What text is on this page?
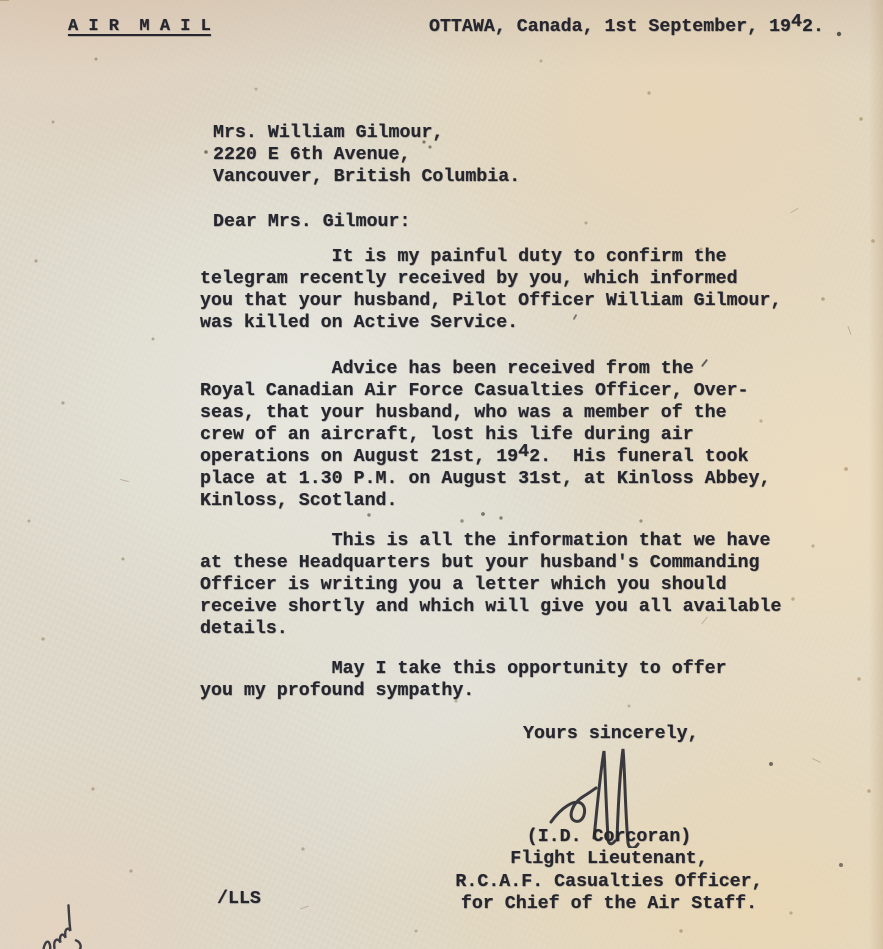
A I R  M A I L	OTTAWA, Canada, 1st September, 1942.
Mrs. William Gilmour,
2220 E 6th Avenue,
Vancouver, British Columbia.
Dear Mrs. Gilmour:
It is my painful duty to confirm the
telegram recently received by you, which informed
you that your husband, Pilot Officer William Gilmour,
was killed on Active Service.
Advice has been received from the
Royal Canadian Air Force Casualties Officer, Over-
seas, that your husband, who was a member of the
crew of an aircraft, lost his life during air
operations on August 21st, 1942.  His funeral took
place at 1.30 P.M. on August 31st, at Kinloss Abbey,
Kinloss, Scotland.
This is all the information that we have
at these Headquarters but your husband's Commanding
Officer is writing you a letter which you should
receive shortly and which will give you all available
details.
May I take this opportunity to offer
you my profound sympathy.
Yours sincerely,
(I.D. Corcoran)
Flight Lieutenant,
R.C.A.F. Casualties Officer,
for Chief of the Air Staff.
/LLS
